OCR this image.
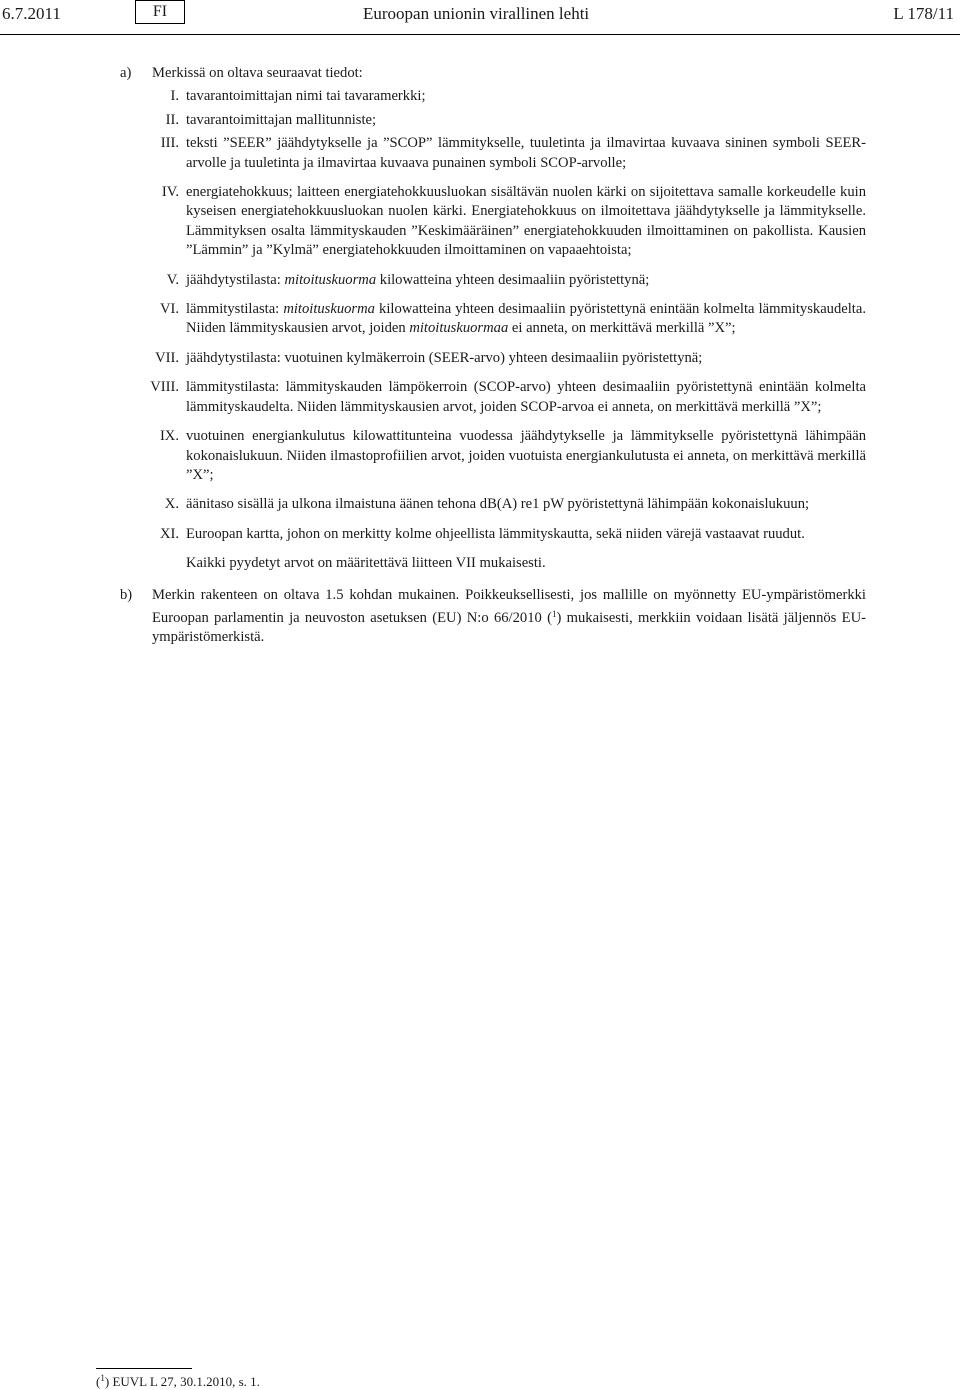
6.7.2011	FI	Euroopan unionin virallinen lehti	L 178/11
a) Merkissä on oltava seuraavat tiedot:
I. tavarantoimittajan nimi tai tavaramerkki;
II. tavarantoimittajan mallitunniste;
III. teksti ”SEER” jäähdytykselle ja ”SCOP” lämmitykselle, tuuletinta ja ilmavirtaa kuvaava sininen symboli SEER-arvolle ja tuuletinta ja ilmavirtaa kuvaava punainen symboli SCOP-arvolle;
IV. energiatehokkuus; laitteen energiatehokkuusluokan sisältävän nuolen kärki on sijoitettava samalle korkeudelle kuin kyseisen energiatehokkuusluokan nuolen kärki. Energiatehokkuus on ilmoitettava jäähdytykselle ja lämmitykselle. Lämmityksen osalta lämmityskauden ”Keskimääräinen” energiatehokkuuden ilmoittaminen on pakollista. Kausien ”Lämmin” ja ”Kylmä” energiatehokkuuden ilmoittaminen on vapaaehtoista;
V. jäähdytystilasta: mitoituskuorma kilowatteina yhteen desimaaliin pyöristettynä;
VI. lämmitystilasta: mitoituskuorma kilowatteina yhteen desimaaliin pyöristettynä enintään kolmelta lämmityskaudelta. Niiden lämmityskausien arvot, joiden mitoituskuormaa ei anneta, on merkittävä merkillä ”X”;
VII. jäähdytystilasta: vuotuinen kylmäkerroin (SEER-arvo) yhteen desimaaliin pyöristettynä;
VIII. lämmitystilasta: lämmityskauden lämpökerroin (SCOP-arvo) yhteen desimaaliin pyöristettynä enintään kolmelta lämmityskaudelta. Niiden lämmityskausien arvot, joiden SCOP-arvoa ei anneta, on merkittävä merkillä ”X”;
IX. vuotuinen energiankulutus kilowattitunteina vuodessa jäähdytykselle ja lämmitykselle pyöristettynä lähimpään kokonaislukuun. Niiden ilmastoprofiilien arvot, joiden vuotuista energiankulutusta ei anneta, on merkittävä merkillä ”X”;
X. äänitaso sisällä ja ulkona ilmaistuna äänen tehona dB(A) re1 pW pyöristettynä lähimpään kokonaislukuun;
XI. Euroopan kartta, johon on merkitty kolme ohjeellista lämmityskautta, sekä niiden värejä vastaavat ruudut.
Kaikki pyydetyt arvot on määritettävä liitteen VII mukaisesti.
b) Merkin rakenteen on oltava 1.5 kohdan mukainen. Poikkeuksellisesti, jos mallille on myönnetty EU-ympäristömerkki Euroopan parlamentin ja neuvoston asetuksen (EU) N:o 66/2010 ($^1$) mukaisesti, merkkiin voidaan lisätä jäljennös EU-ympäristömerkistä.
($^1$) EUVL L 27, 30.1.2010, s. 1.
